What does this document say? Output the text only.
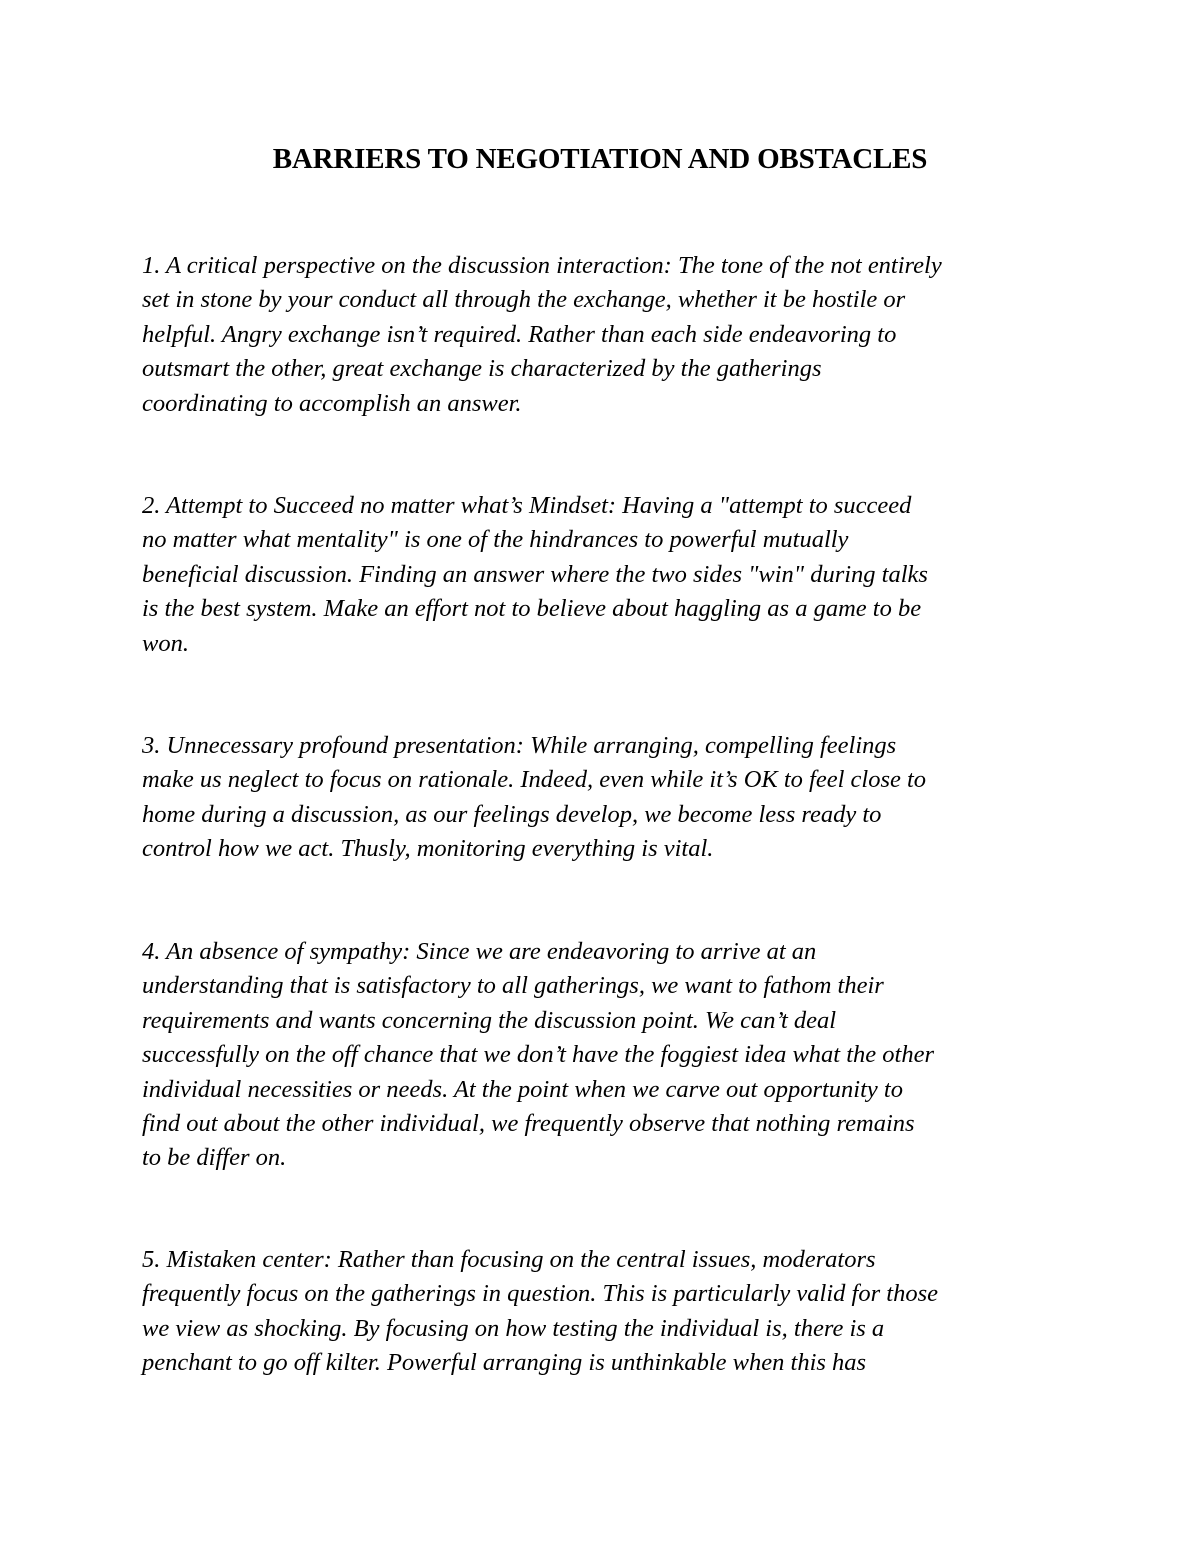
BARRIERS TO NEGOTIATION AND OBSTACLES

1. A critical perspective on the discussion interaction: The tone of the not entirely
set in stone by your conduct all through the exchange, whether it be hostile or
helpful. Angry exchange isn’t required. Rather than each side endeavoring to
outsmart the other, great exchange is characterized by the gatherings
coordinating to accomplish an answer.

2. Attempt to Succeed no matter what’s Mindset: Having a "attempt to succeed
no matter what mentality" is one of the hindrances to powerful mutually
beneficial discussion. Finding an answer where the two sides "win" during talks
is the best system. Make an effort not to believe about haggling as a game to be
won.

3. Unnecessary profound presentation: While arranging, compelling feelings
make us neglect to focus on rationale. Indeed, even while it’s OK to feel close to
home during a discussion, as our feelings develop, we become less ready to
control how we act. Thusly, monitoring everything is vital.

4. An absence of sympathy: Since we are endeavoring to arrive at an
understanding that is satisfactory to all gatherings, we want to fathom their
requirements and wants concerning the discussion point. We can’t deal
successfully on the off chance that we don’t have the foggiest idea what the other
individual necessities or needs. At the point when we carve out opportunity to
find out about the other individual, we frequently observe that nothing remains
to be differ on.

5. Mistaken center: Rather than focusing on the central issues, moderators
frequently focus on the gatherings in question. This is particularly valid for those
we view as shocking. By focusing on how testing the individual is, there is a
penchant to go off kilter. Powerful arranging is unthinkable when this has
